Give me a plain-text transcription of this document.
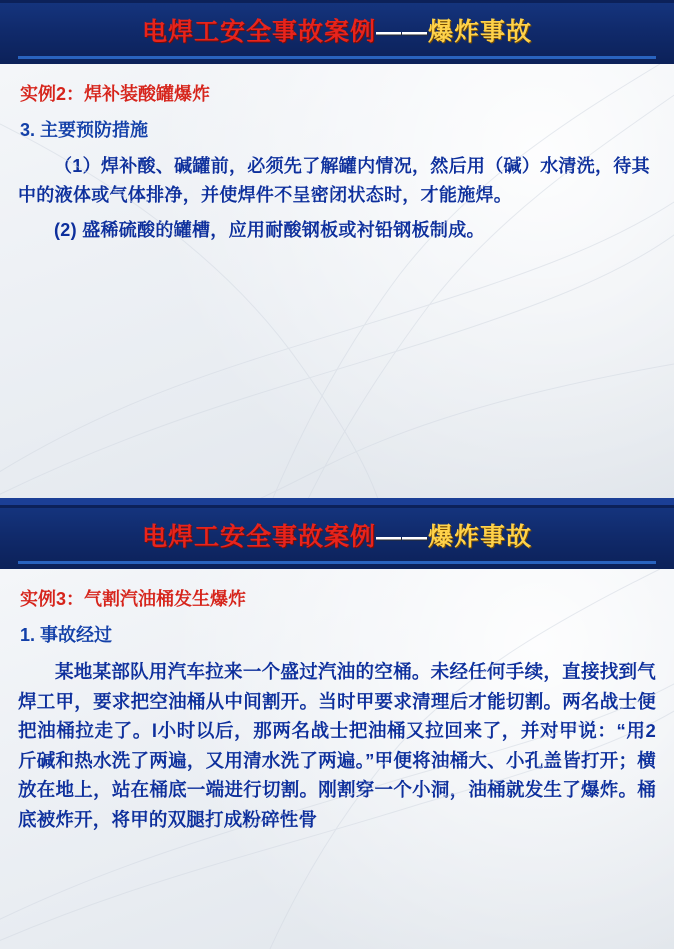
电焊工安全事故案例——爆炸事故
实例2：焊补装酸罐爆炸
3. 主要预防措施

（1）焊补酸、碱罐前，必须先了解罐内情况，然后用（碱）水清洗，待其中的液体或气体排净，并使焊件不呈密闭状态时，才能施焊。

(2) 盛稀硫酸的罐槽，应用耐酸钢板或衬铅钢板制成。

电焊工安全事故案例——爆炸事故
实例3：气割汽油桶发生爆炸
1. 事故经过

某地某部队用汽车拉来一个盛过汽油的空桶。未经任何手续，直接找到气焊工甲，要求把空油桶从中间割开。当时甲要求清理后才能切割。两名战士便把油桶拉走了。l小时以后，那两名战士把油桶又拉回来了，并对甲说：“用2斤碱和热水洗了两遍，又用清水洗了两遍。”甲便将油桶大、小孔盖皆打开；横放在地上，站在桶底一端进行切割。刚割穿一个小洞，油桶就发生了爆炸。桶底被炸开，将甲的双腿打成粉碎性骨
